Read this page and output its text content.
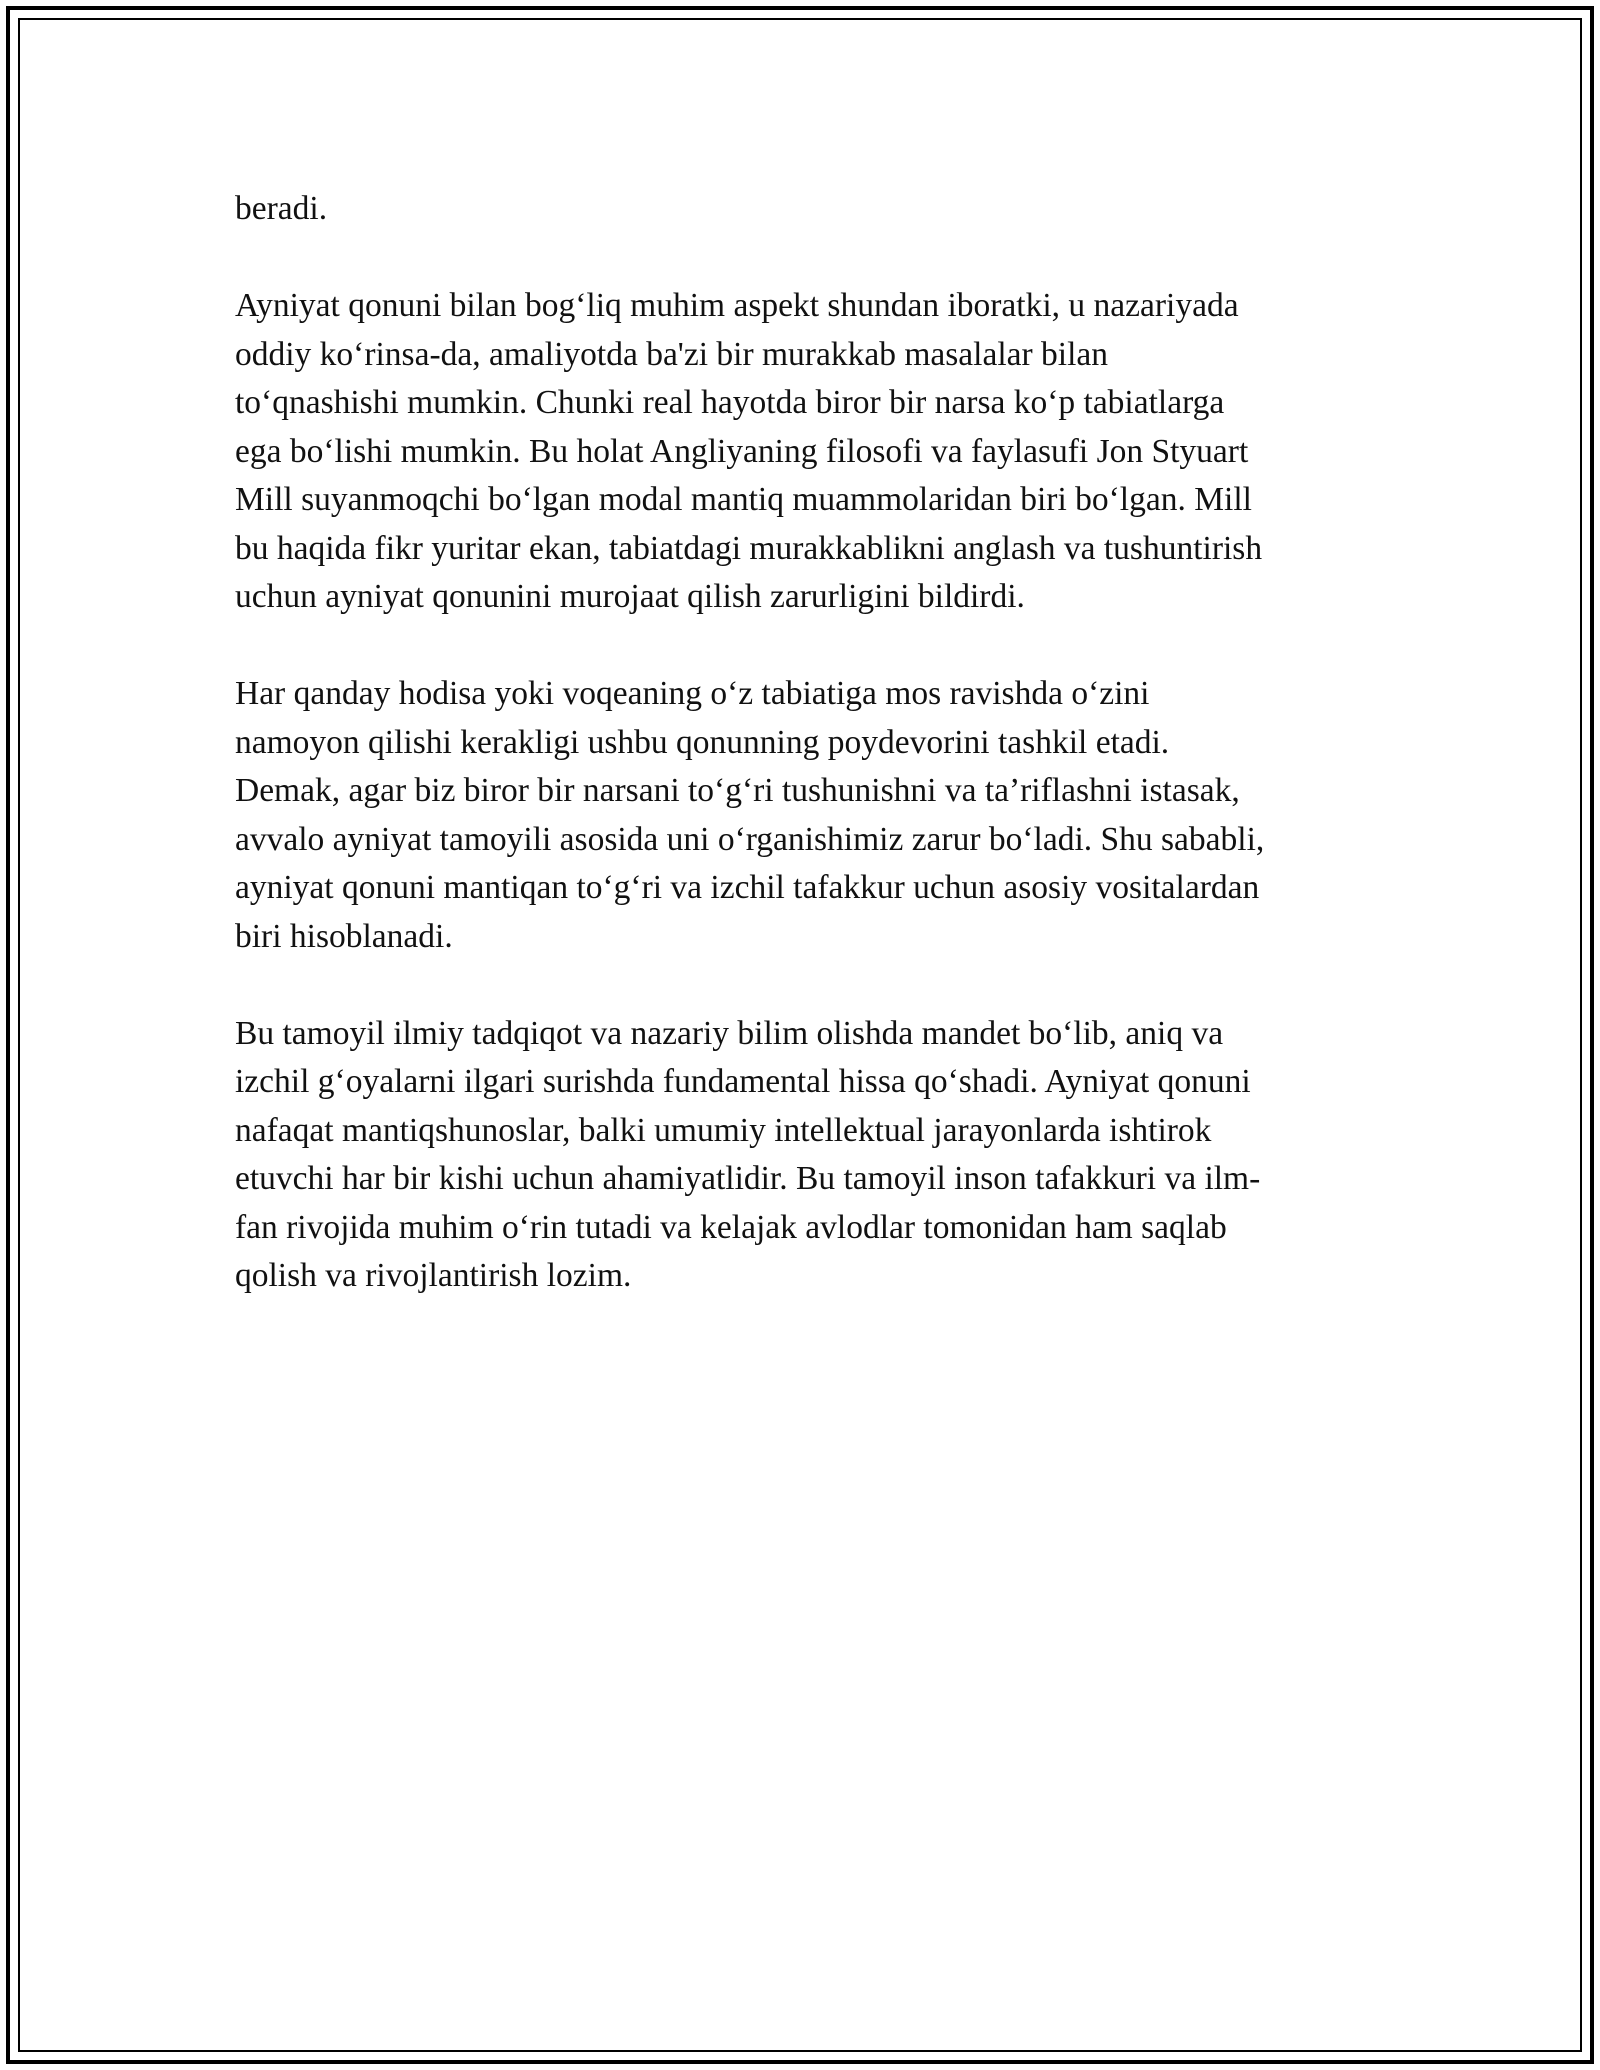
beradi.

Ayniyat qonuni bilan bog‘liq muhim aspekt shundan iboratki, u nazariyada
oddiy ko‘rinsa-da, amaliyotda ba'zi bir murakkab masalalar bilan
to‘qnashishi mumkin. Chunki real hayotda biror bir narsa ko‘p tabiatlarga
ega bo‘lishi mumkin. Bu holat Angliyaning filosofi va faylasufi Jon Styuart
Mill suyanmoqchi bo‘lgan modal mantiq muammolaridan biri bo‘lgan. Mill
bu haqida fikr yuritar ekan, tabiatdagi murakkablikni anglash va tushuntirish
uchun ayniyat qonunini murojaat qilish zarurligini bildirdi.

Har qanday hodisa yoki voqeaning o‘z tabiatiga mos ravishda o‘zini
namoyon qilishi kerakligi ushbu qonunning poydevorini tashkil etadi.
Demak, agar biz biror bir narsani to‘g‘ri tushunishni va ta’riflashni istasak,
avvalo ayniyat tamoyili asosida uni o‘rganishimiz zarur bo‘ladi. Shu sababli,
ayniyat qonuni mantiqan to‘g‘ri va izchil tafakkur uchun asosiy vositalardan
biri hisoblanadi.

Bu tamoyil ilmiy tadqiqot va nazariy bilim olishda mandet bo‘lib, aniq va
izchil g‘oyalarni ilgari surishda fundamental hissa qo‘shadi. Ayniyat qonuni
nafaqat mantiqshunoslar, balki umumiy intellektual jarayonlarda ishtirok
etuvchi har bir kishi uchun ahamiyatlidir. Bu tamoyil inson tafakkuri va ilm-
fan rivojida muhim o‘rin tutadi va kelajak avlodlar tomonidan ham saqlab
qolish va rivojlantirish lozim.
